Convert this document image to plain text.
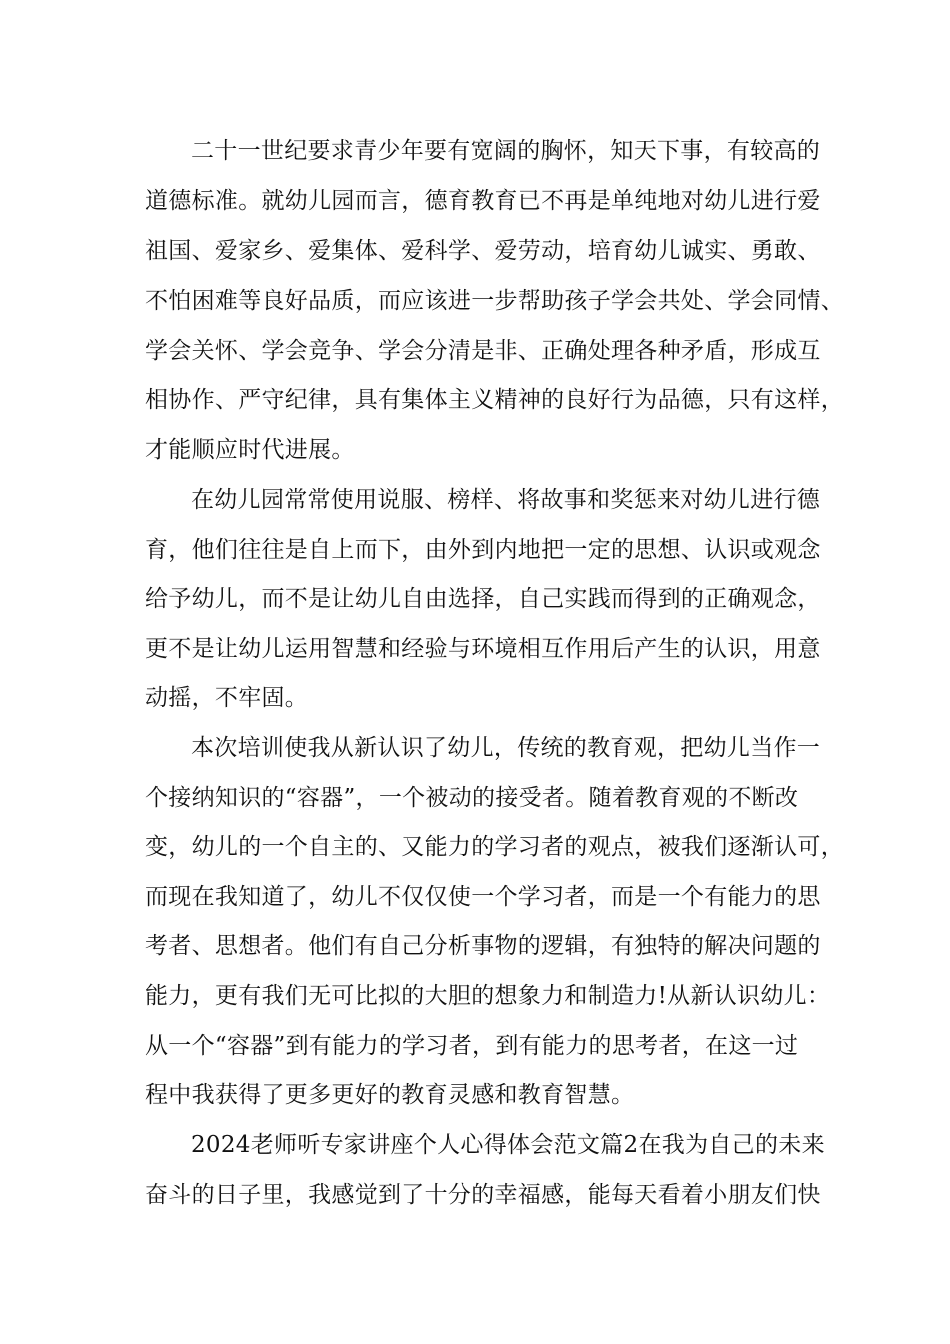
二十一世纪要求青少年要有宽阔的胸怀，知天下事，有较高的
道德标准。就幼儿园而言，德育教育已不再是单纯地对幼儿进行爱
祖国、爱家乡、爱集体、爱科学、爱劳动，培育幼儿诚实、勇敢、
不怕困难等良好品质，而应该进一步帮助孩子学会共处、学会同情、
学会关怀、学会竞争、学会分清是非、正确处理各种矛盾，形成互
相协作、严守纪律，具有集体主义精神的良好行为品德，只有这样，
才能顺应时代进展。
在幼儿园常常使用说服、榜样、将故事和奖惩来对幼儿进行德
育，他们往往是自上而下，由外到内地把一定的思想、认识或观念
给予幼儿，而不是让幼儿自由选择，自己实践而得到的正确观念，
更不是让幼儿运用智慧和经验与环境相互作用后产生的认识，用意
动摇，不牢固。
本次培训使我从新认识了幼儿，传统的教育观，把幼儿当作一
个接纳知识的“容器”，一个被动的接受者。随着教育观的不断改
变，幼儿的一个自主的、又能力的学习者的观点，被我们逐渐认可，
而现在我知道了，幼儿不仅仅使一个学习者，而是一个有能力的思
考者、思想者。他们有自己分析事物的逻辑，有独特的解决问题的
能力，更有我们无可比拟的大胆的想象力和制造力!从新认识幼儿：
从一个“容器”到有能力的学习者，到有能力的思考者，在这一过
程中我获得了更多更好的教育灵感和教育智慧。
2024老师听专家讲座个人心得体会范文篇2在我为自己的未来
奋斗的日子里，我感觉到了十分的幸福感，能每天看着小朋友们快
